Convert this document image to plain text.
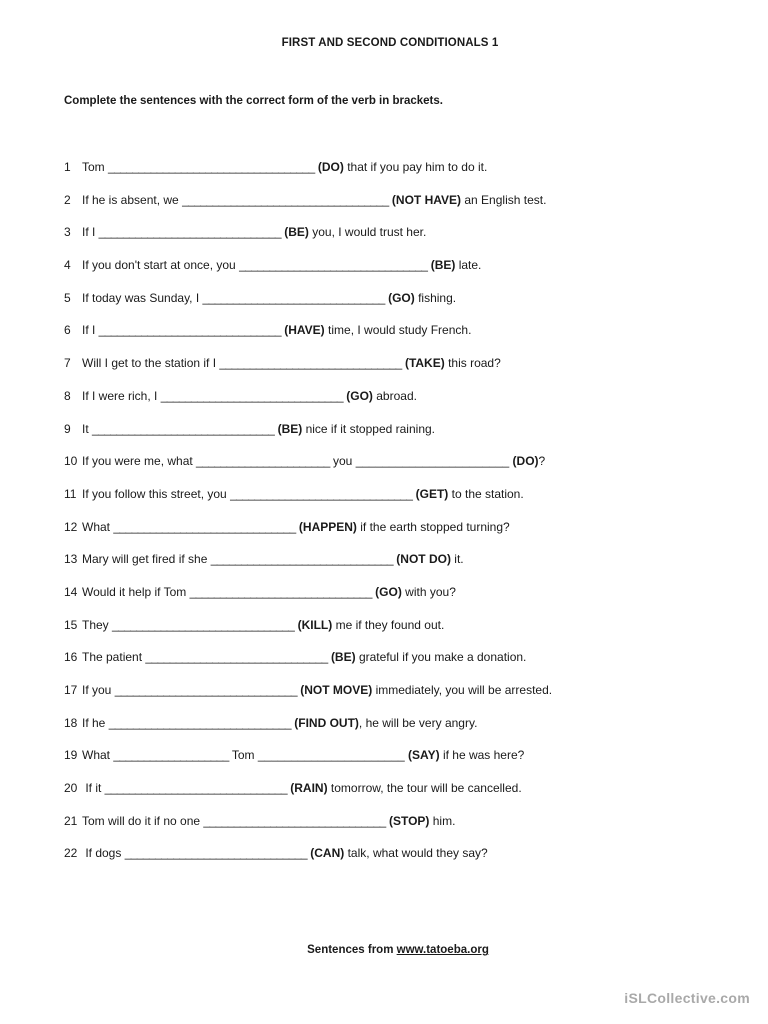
FIRST AND SECOND CONDITIONALS 1
Complete the sentences with the correct form of the verb in brackets.
1 Tom __________________________________ (DO) that if you pay him to do it.
2 If he is absent, we __________________________________ (NOT HAVE) an English test.
3 If I ______________________________ (BE) you, I would trust her.
4 If you don't start at once, you _______________________________ (BE) late.
5 If today was Sunday, I ______________________________ (GO) fishing.
6 If I ______________________________ (HAVE) time, I would study French.
7 Will I get to the station if I ______________________________ (TAKE) this road?
8 If I were rich, I ______________________________ (GO) abroad.
9 It ______________________________ (BE) nice if it stopped raining.
10 If you were me, what ______________________ you _______________________ (DO)?
11 If you follow this street, you ______________________________ (GET) to the station.
12 What ______________________________ (HAPPEN) if the earth stopped turning?
13 Mary will get fired if she ______________________________ (NOT DO) it.
14 Would it help if Tom ______________________________ (GO) with you?
15 They ______________________________ (KILL) me if they found out.
16 The patient ______________________________ (BE) grateful if you make a donation.
17 If you ______________________________ (NOT MOVE) immediately, you will be arrested.
18 If he ______________________________ (FIND OUT), he will be very angry.
19 What ___________________ Tom ______________________ (SAY) if he was here?
20 If it ______________________________ (RAIN) tomorrow, the tour will be cancelled.
21 Tom will do it if no one ______________________________ (STOP) him.
22 If dogs ______________________________ (CAN) talk, what would they say?
Sentences from www.tatoeba.org
iSLCollective.com
